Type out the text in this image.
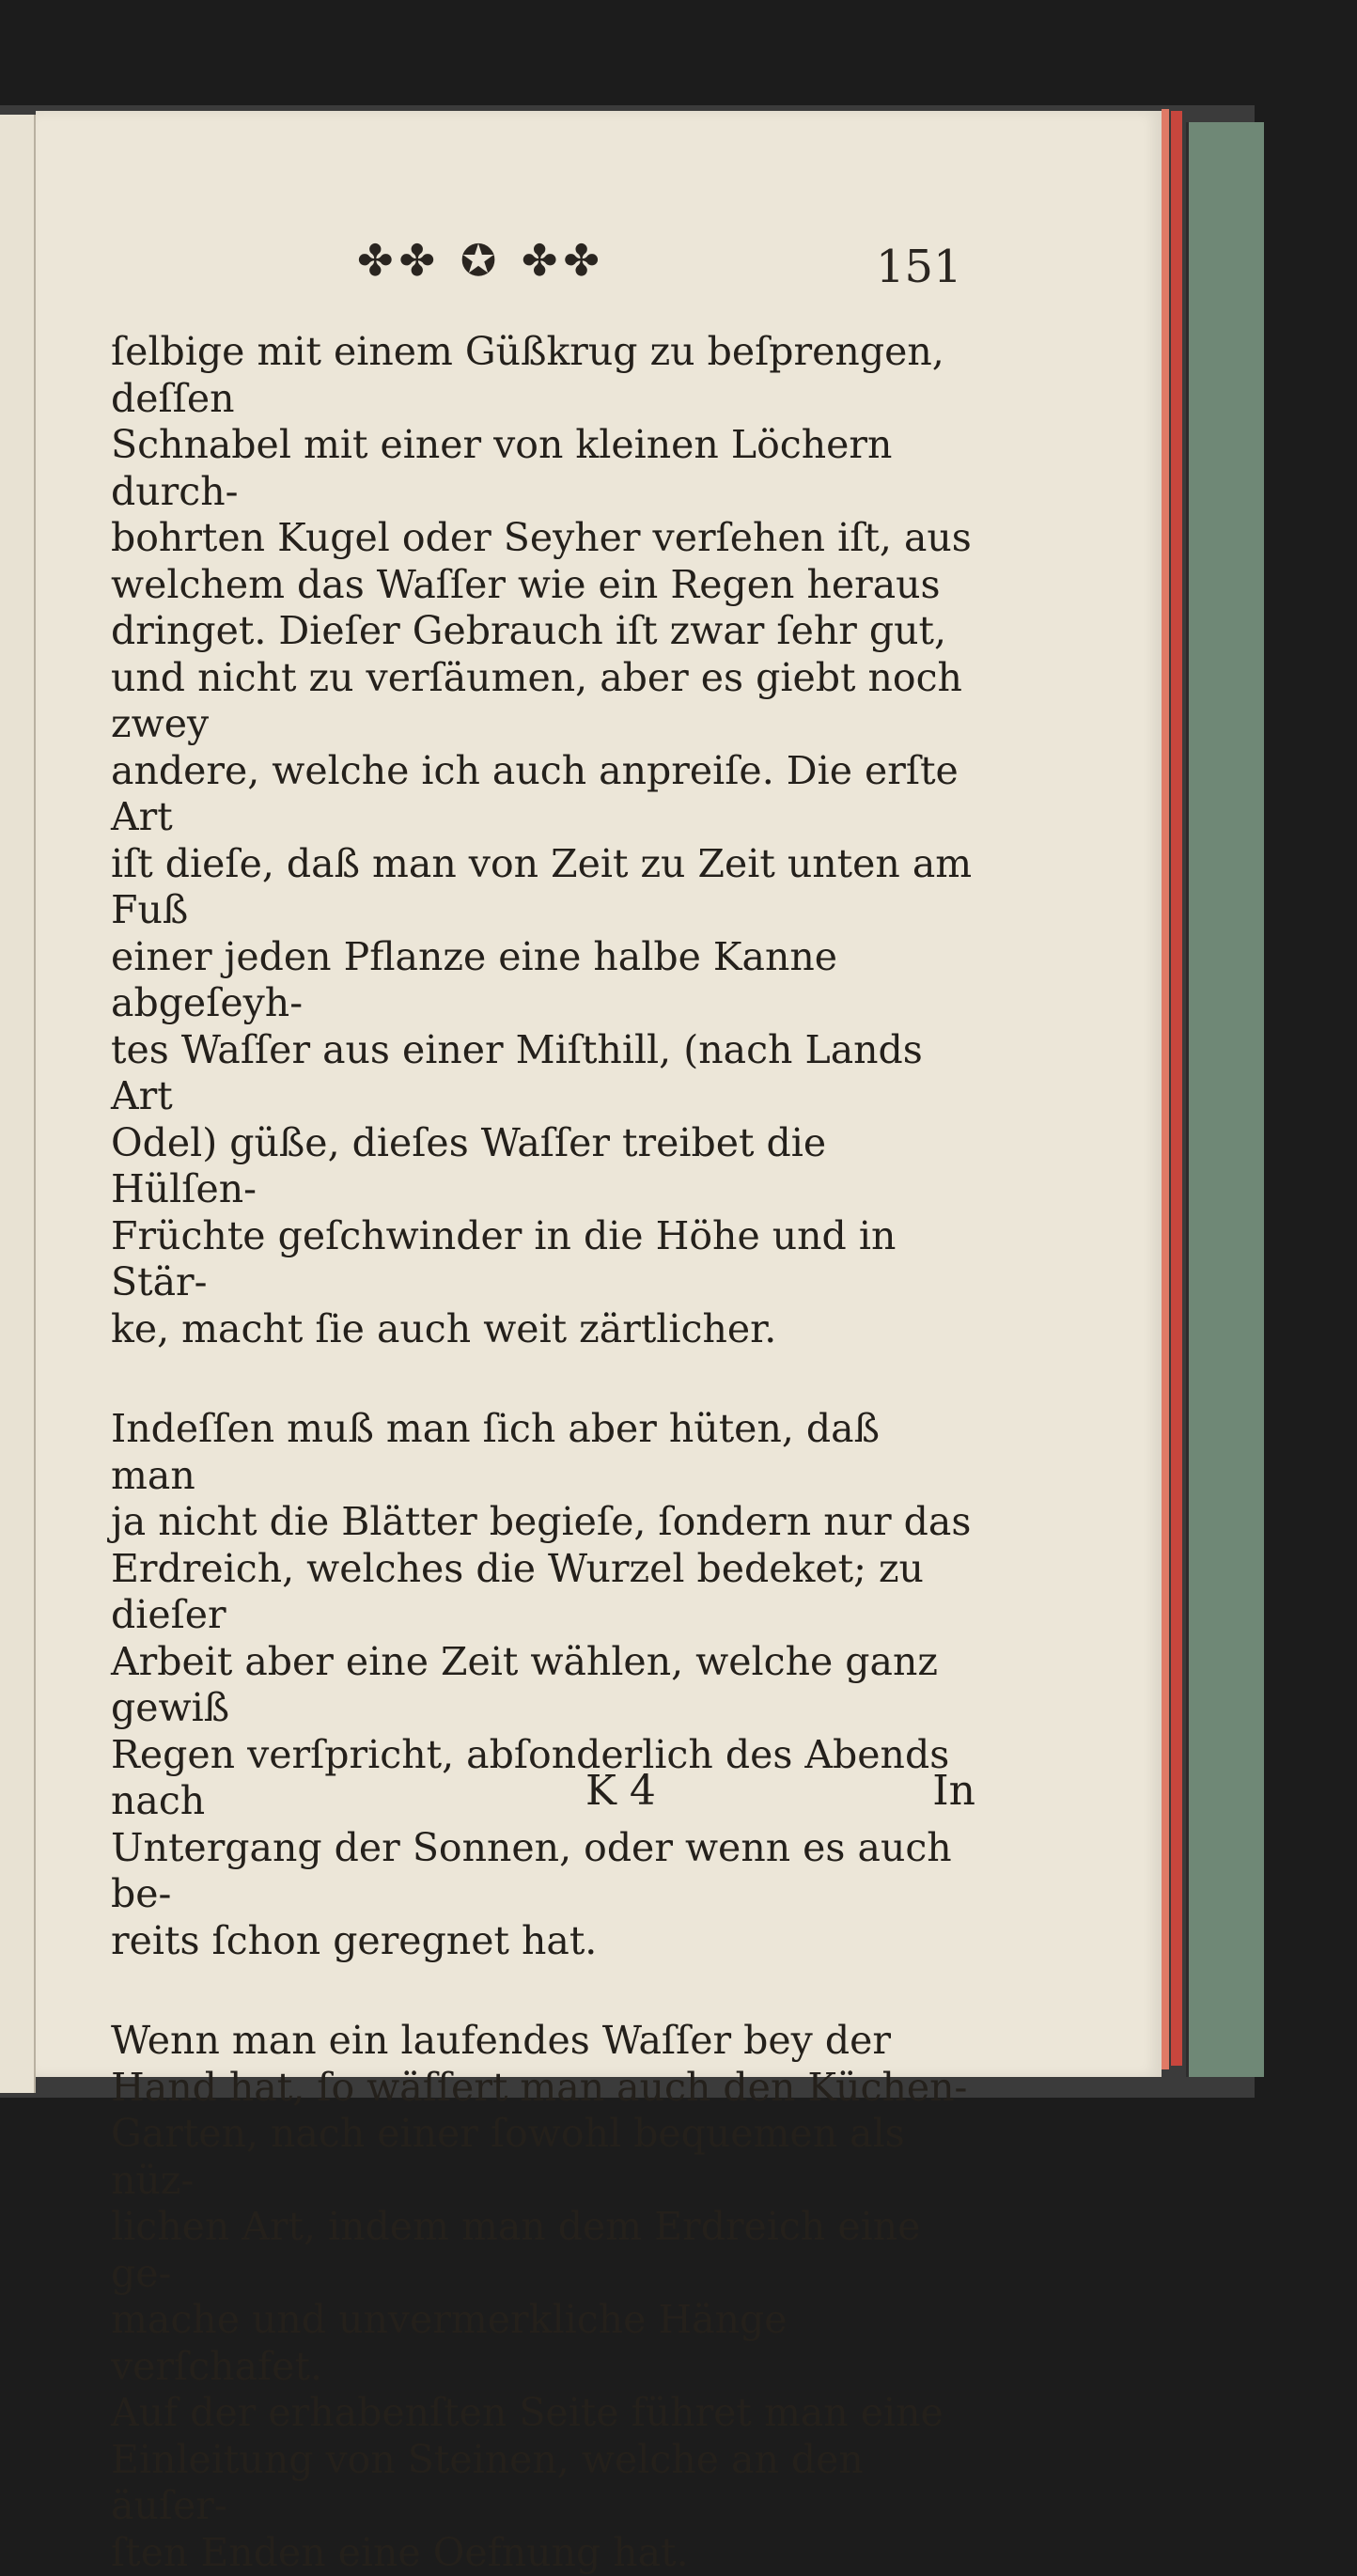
✤✤ ✪ ✤✤	151

ſelbige mit einem Güßkrug zu beſprengen, deſſen
Schnabel mit einer von kleinen Löchern durch-
bohrten Kugel oder Seyher verſehen iſt, aus
welchem das Waſſer wie ein Regen heraus
dringet. Dieſer Gebrauch iſt zwar ſehr gut,
und nicht zu verſäumen, aber es giebt noch zwey
andere, welche ich auch anpreiſe. Die erſte Art
iſt dieſe, daß man von Zeit zu Zeit unten am Fuß
einer jeden Pflanze eine halbe Kanne abgeſeyh-
tes Waſſer aus einer Miſthill, (nach Lands Art
Odel) güße, dieſes Waſſer treibet die Hülſen-
Früchte geſchwinder in die Höhe und in Stär-
ke, macht ſie auch weit zärtlicher.

Indeſſen muß man ſich aber hüten, daß man
ja nicht die Blätter begieſe, ſondern nur das
Erdreich, welches die Wurzel bedeket; zu dieſer
Arbeit aber eine Zeit wählen, welche ganz gewiß
Regen verſpricht, abſonderlich des Abends nach
Untergang der Sonnen, oder wenn es auch be-
reits ſchon geregnet hat.

Wenn man ein laufendes Waſſer bey der
Hand hat, ſo wäſſert man auch den Küchen-
Garten, nach einer ſowohl bequemen als nüz-
lichen Art, indem man dem Erdreich eine ge-
mache und unvermerkliche Hänge verſchafet.
Auf der erhabenſten Seite führet man eine
Einleitung von Steinen, welche an den äuſer-
ſten Enden eine Oefnung hat.

K 4	In
